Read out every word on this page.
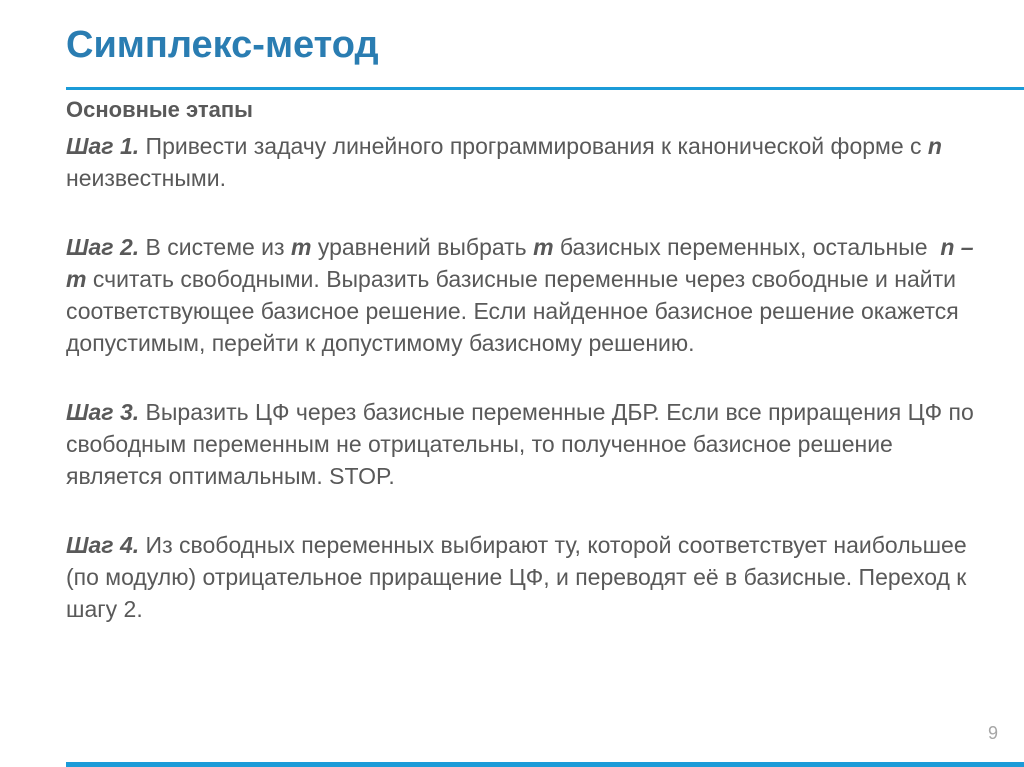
Симплекс-метод
Основные этапы

Шаг 1. Привести задачу линейного программирования к канонической форме с n неизвестными.

Шаг 2. В системе из m уравнений выбрать m базисных переменных, остальные  n – m считать свободными. Выразить базисные переменные через свободные и найти соответствующее базисное решение. Если найденное базисное решение окажется допустимым, перейти к допустимому базисному решению.

Шаг 3. Выразить ЦФ через базисные переменные ДБР. Если все приращения ЦФ по свободным переменным не отрицательны, то полученное базисное решение является оптимальным. STOP.

Шаг 4. Из свободных переменных выбирают ту, которой соответствует наибольшее (по модулю) отрицательное приращение ЦФ, и переводят её в базисные. Переход к шагу 2.

9
